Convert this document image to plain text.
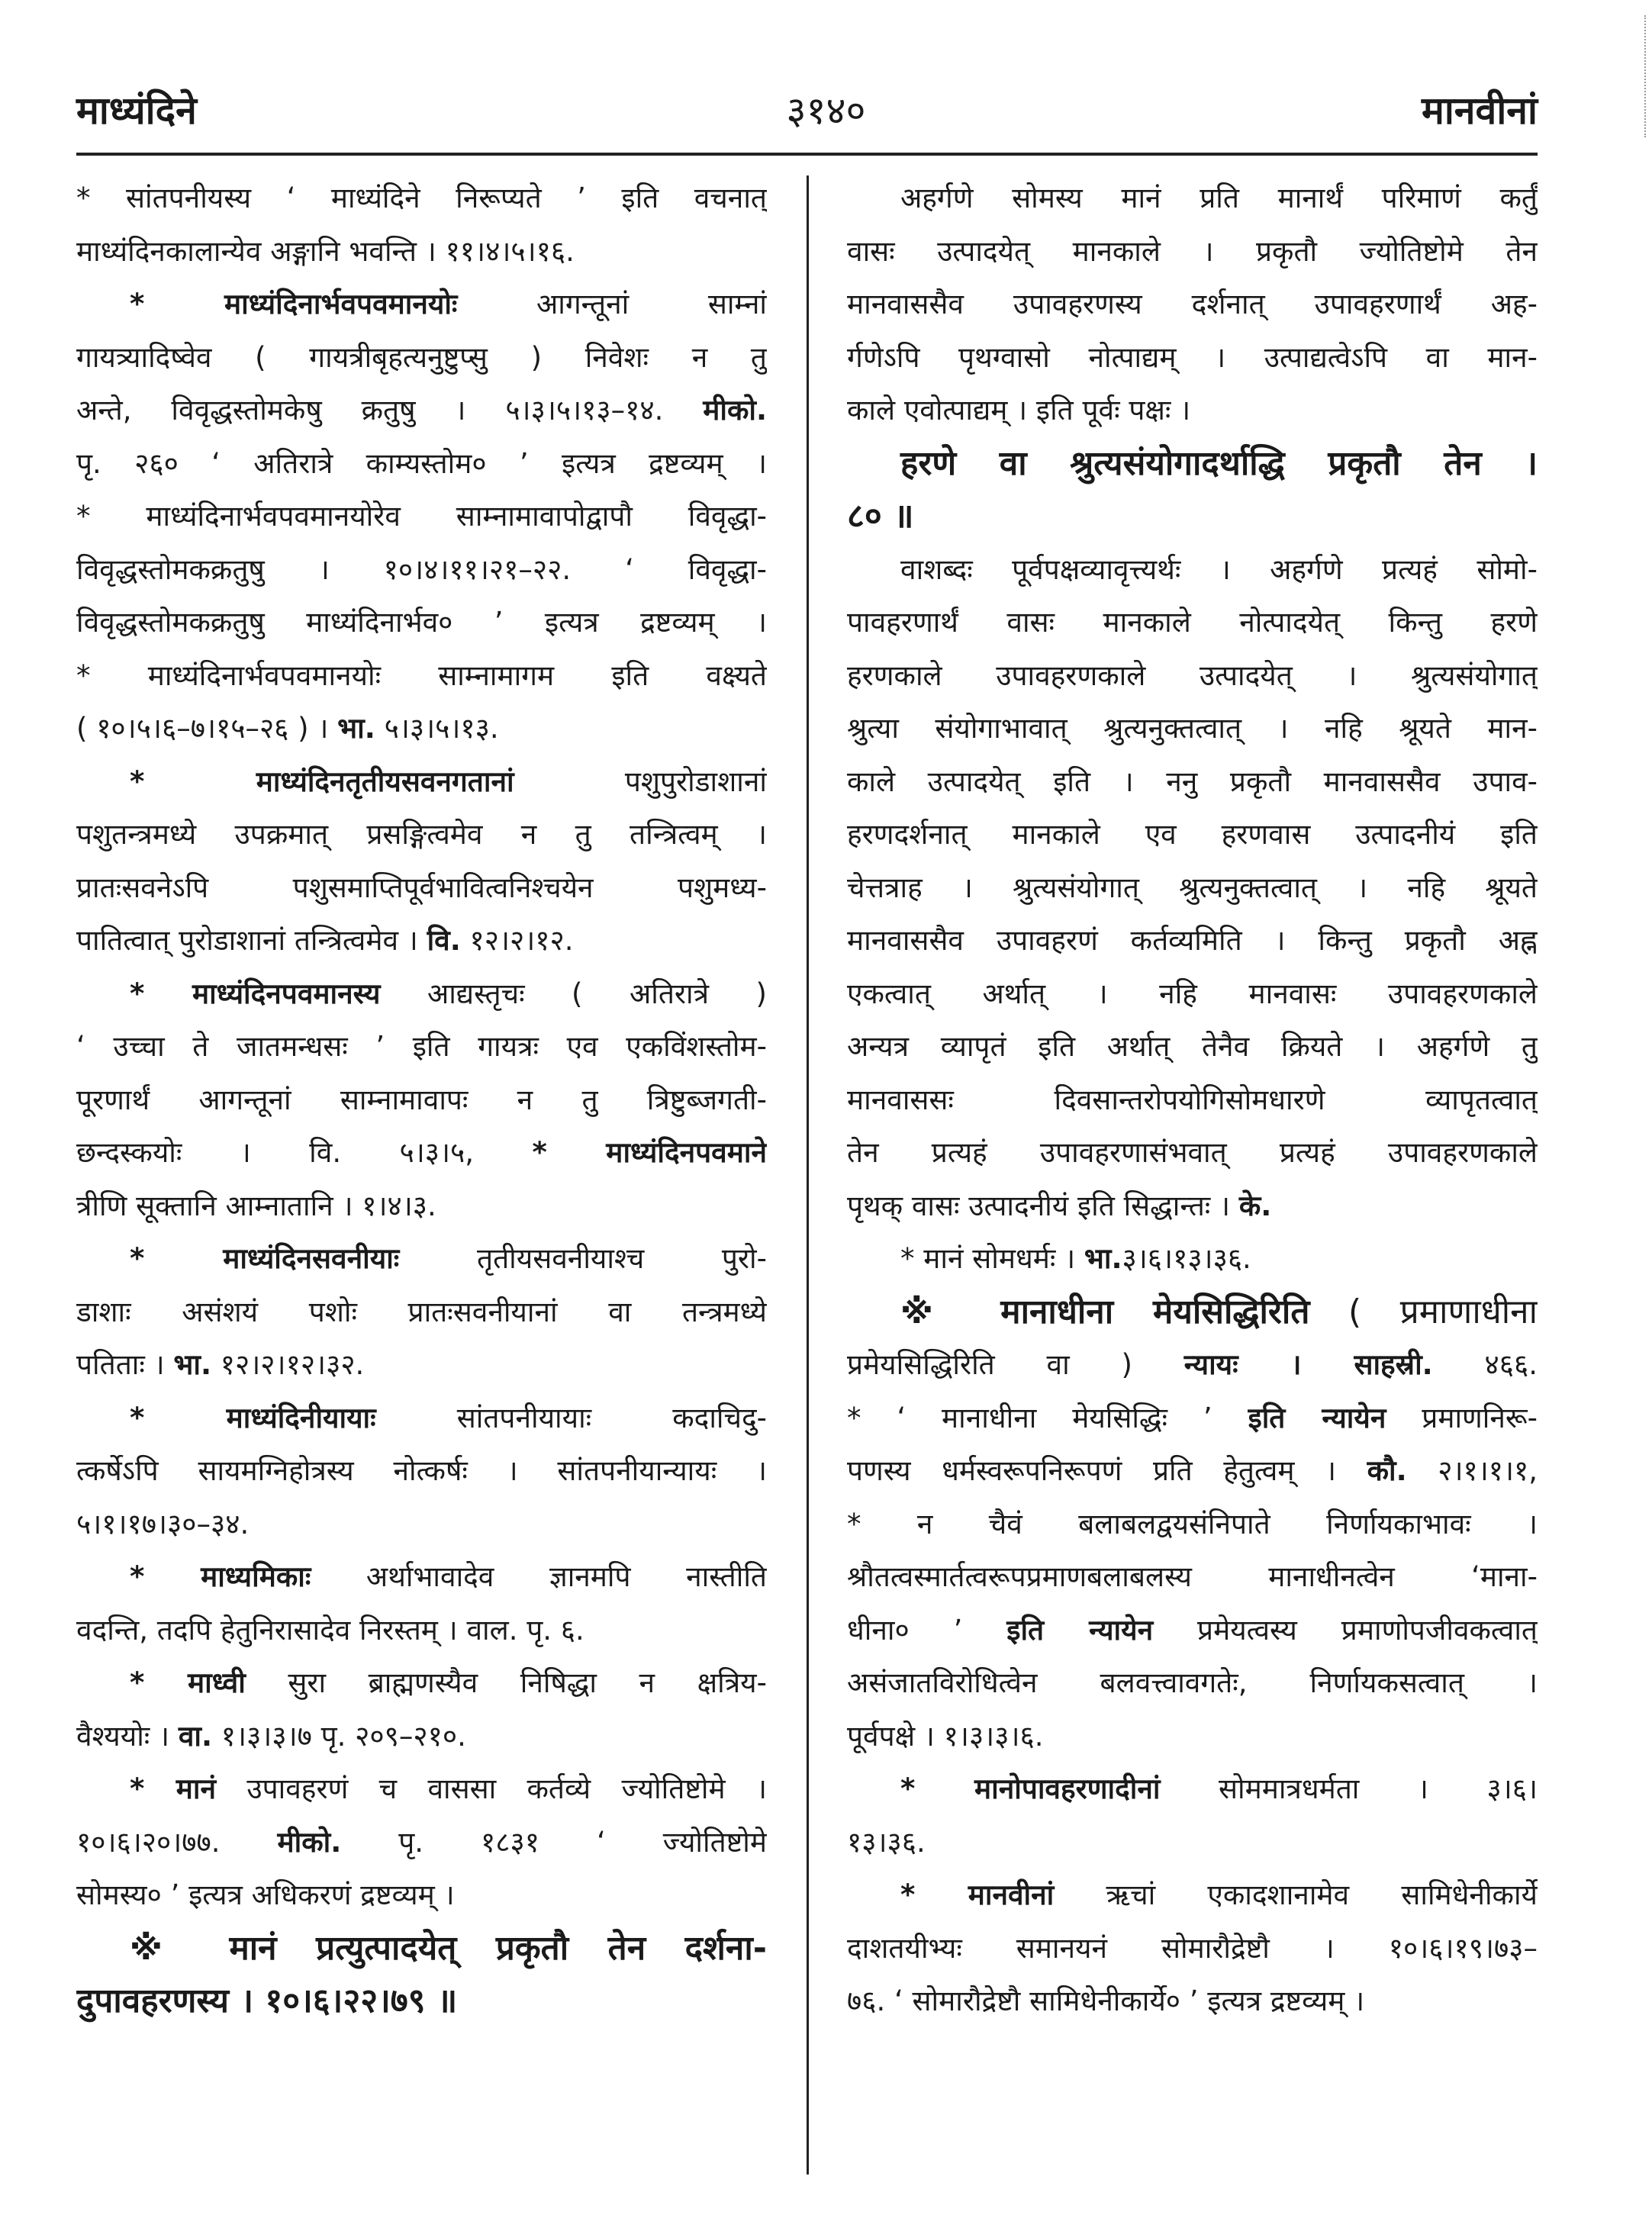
माध्यंदिने	३१४०	मानवीनां
* सांतपनीयस्य ‘ माध्यंदिने निरूप्यते ’ इति वचनात्
माध्यंदिनकालान्येव अङ्गानि भवन्ति । ११।४।५।१६.
* माध्यंदिनार्भवपवमानयोः आगन्तूनां साम्नां
गायत्र्यादिष्वेव ( गायत्रीबृहत्यनुष्टुप्सु ) निवेशः न तु
अन्ते, विवृद्धस्तोमकेषु क्रतुषु । ५।३।५।१३–१४. मीको.
पृ. २६० ‘ अतिरात्रे काम्यस्तोम० ’ इत्यत्र द्रष्टव्यम् ।
* माध्यंदिनार्भवपवमानयोरेव साम्नामावापोद्वापौ विवृद्धा-
विवृद्धस्तोमकक्रतुषु । १०।४।११।२१–२२. ‘ विवृद्धा-
विवृद्धस्तोमकक्रतुषु माध्यंदिनार्भव० ’ इत्यत्र द्रष्टव्यम् ।
* माध्यंदिनार्भवपवमानयोः साम्नामागम इति वक्ष्यते
( १०।५।६–७।१५–२६ ) । भा. ५।३।५।१३.
* माध्यंदिनतृतीयसवनगतानां पशुपुरोडाशानां
पशुतन्त्रमध्ये उपक्रमात् प्रसङ्गित्वमेव न तु तन्त्रित्वम् ।
प्रातःसवनेऽपि पशुसमाप्तिपूर्वभावित्वनिश्चयेन पशुमध्य-
पातित्वात् पुरोडाशानां तन्त्रित्वमेव । वि. १२।२।१२.
* माध्यंदिनपवमानस्य आद्यस्तृचः ( अतिरात्रे )
‘ उच्चा ते जातमन्धसः ’ इति गायत्रः एव एकविंशस्तोम-
पूरणार्थं आगन्तूनां साम्नामावापः न तु त्रिष्टुब्जगती-
छन्दस्कयोः । वि. ५।३।५, * माध्यंदिनपवमाने
त्रीणि सूक्तानि आम्नातानि । १।४।३.
* माध्यंदिनसवनीयाः तृतीयसवनीयाश्च पुरो-
डाशाः असंशयं पशोः प्रातःसवनीयानां वा तन्त्रमध्ये
पतिताः । भा. १२।२।१२।३२.
* माध्यंदिनीयायाः सांतपनीयायाः कदाचिदु-
त्कर्षेऽपि सायमग्निहोत्रस्य नोत्कर्षः । सांतपनीयान्यायः ।
५।१।१७।३०–३४.
* माध्यमिकाः अर्थाभावादेव ज्ञानमपि नास्तीति
वदन्ति, तदपि हेतुनिरासादेव निरस्तम् । वाल. पृ. ६.
* माध्वी सुरा ब्राह्मणस्यैव निषिद्धा न क्षत्रिय-
वैश्ययोः । वा. १।३।३।७ पृ. २०९–२१०.
* मानं उपावहरणं च वाससा कर्तव्ये ज्योतिष्टोमे ।
१०।६।२०।७७. मीको. पृ. १८३१ ‘ ज्योतिष्टोमे
सोमस्य० ’ इत्यत्र अधिकरणं द्रष्टव्यम् ।
※ मानं प्रत्युत्पादयेत् प्रकृतौ तेन दर्शना-
दुपावहरणस्य । १०।६।२२।७९ ॥
अहर्गणे सोमस्य मानं प्रति मानार्थं परिमाणं कर्तुं
वासः उत्पादयेत् मानकाले । प्रकृतौ ज्योतिष्टोमे तेन
मानवाससैव उपावहरणस्य दर्शनात् उपावहरणार्थं अह-
र्गणेऽपि पृथग्वासो नोत्पाद्यम् । उत्पाद्यत्वेऽपि वा मान-
काले एवोत्पाद्यम् । इति पूर्वः पक्षः ।
हरणे वा श्रुत्यसंयोगादर्थाद्धि प्रकृतौ तेन ।
८० ॥
वाशब्दः पूर्वपक्षव्यावृत्त्यर्थः । अहर्गणे प्रत्यहं सोमो-
पावहरणार्थं वासः मानकाले नोत्पादयेत् किन्तु हरणे
हरणकाले उपावहरणकाले उत्पादयेत् । श्रुत्यसंयोगात्
श्रुत्या संयोगाभावात् श्रुत्यनुक्तत्वात् । नहि श्रूयते मान-
काले उत्पादयेत् इति । ननु प्रकृतौ मानवाससैव उपाव-
हरणदर्शनात् मानकाले एव हरणवास उत्पादनीयं इति
चेत्तत्राह । श्रुत्यसंयोगात् श्रुत्यनुक्तत्वात् । नहि श्रूयते
मानवाससैव उपावहरणं कर्तव्यमिति । किन्तु प्रकृतौ अह्न
एकत्वात् अर्थात् । नहि मानवासः उपावहरणकाले
अन्यत्र व्यापृतं इति अर्थात् तेनैव क्रियते । अहर्गणे तु
मानवाससः दिवसान्तरोपयोगिसोमधारणे व्यापृतत्वात्
तेन प्रत्यहं उपावहरणासंभवात् प्रत्यहं उपावहरणकाले
पृथक् वासः उत्पादनीयं इति सिद्धान्तः । के.
* मानं सोमधर्मः । भा.३।६।१३।३६.
※ मानाधीना मेयसिद्धिरिति ( प्रमाणाधीना
प्रमेयसिद्धिरिति वा ) न्यायः । साहस्री. ४६६.
* ‘ मानाधीना मेयसिद्धिः ’ इति न्यायेन प्रमाणनिरू-
पणस्य धर्मस्वरूपनिरूपणं प्रति हेतुत्वम् । कौ. २।१।१।१,
* न चैवं बलाबलद्वयसंनिपाते निर्णायकाभावः ।
श्रौतत्वस्मार्तत्वरूपप्रमाणबलाबलस्य मानाधीनत्वेन ‘माना-
धीना० ’ इति न्यायेन प्रमेयत्वस्य प्रमाणोपजीवकत्वात्
असंजातविरोधित्वेन बलवत्त्वावगतेः, निर्णायकसत्वात् ।
पूर्वपक्षे । १।३।३।६.
* मानोपावहरणादीनां सोममात्रधर्मता । ३।६।
१३।३६.
* मानवीनां ऋचां एकादशानामेव सामिधेनीकार्ये
दाशतयीभ्यः समानयनं सोमारौद्रेष्टौ । १०।६।१९।७३–
७६. ‘ सोमारौद्रेष्टौ सामिधेनीकार्ये० ’ इत्यत्र द्रष्टव्यम् ।
